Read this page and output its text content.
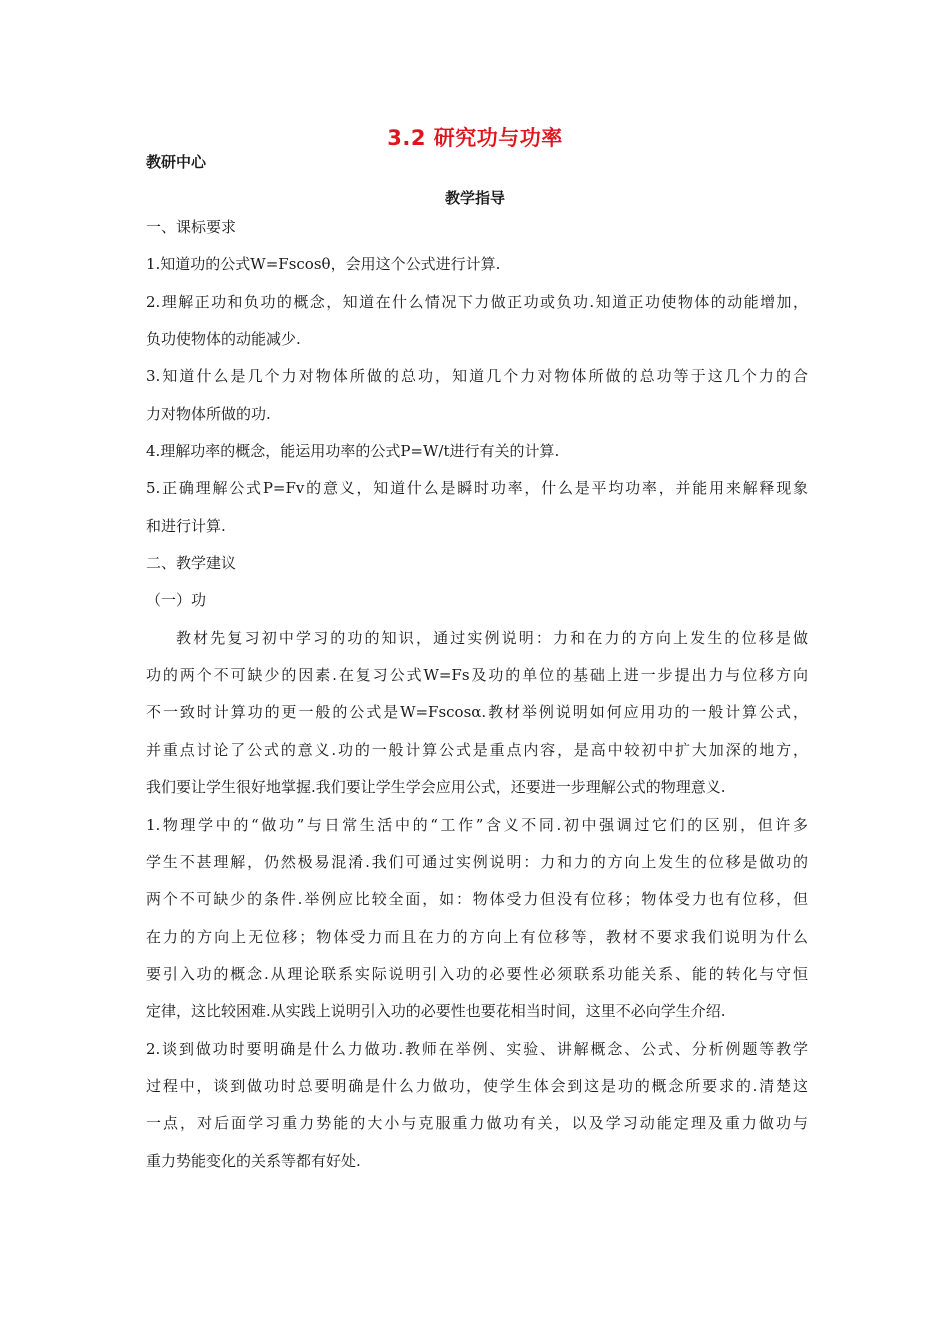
3.2 研究功与功率
教研中心
教学指导
一、课标要求
1.知道功的公式W=Fscosθ，会用这个公式进行计算.
2.理解正功和负功的概念，知道在什么情况下力做正功或负功.知道正功使物体的动能增加，
负功使物体的动能减少.
3.知道什么是几个力对物体所做的总功，知道几个力对物体所做的总功等于这几个力的合
力对物体所做的功.
4.理解功率的概念，能运用功率的公式P=W/t进行有关的计算.
5.正确理解公式P=Fv的意义，知道什么是瞬时功率，什么是平均功率，并能用来解释现象
和进行计算.
二、教学建议
（一）功
教材先复习初中学习的功的知识，通过实例说明：力和在力的方向上发生的位移是做
功的两个不可缺少的因素.在复习公式W=Fs及功的单位的基础上进一步提出力与位移方向
不一致时计算功的更一般的公式是W=Fscosα.教材举例说明如何应用功的一般计算公式，
并重点讨论了公式的意义.功的一般计算公式是重点内容，是高中较初中扩大加深的地方，
我们要让学生很好地掌握.我们要让学生学会应用公式，还要进一步理解公式的物理意义.
1.物理学中的“做功”与日常生活中的“工作”含义不同.初中强调过它们的区别，但许多
学生不甚理解，仍然极易混淆.我们可通过实例说明：力和力的方向上发生的位移是做功的
两个不可缺少的条件.举例应比较全面，如：物体受力但没有位移；物体受力也有位移，但
在力的方向上无位移；物体受力而且在力的方向上有位移等，教材不要求我们说明为什么
要引入功的概念.从理论联系实际说明引入功的必要性必须联系功能关系、能的转化与守恒
定律，这比较困难.从实践上说明引入功的必要性也要花相当时间，这里不必向学生介绍.
2.谈到做功时要明确是什么力做功.教师在举例、实验、讲解概念、公式、分析例题等教学
过程中，谈到做功时总要明确是什么力做功，使学生体会到这是功的概念所要求的.清楚这
一点，对后面学习重力势能的大小与克服重力做功有关，以及学习动能定理及重力做功与
重力势能变化的关系等都有好处.
